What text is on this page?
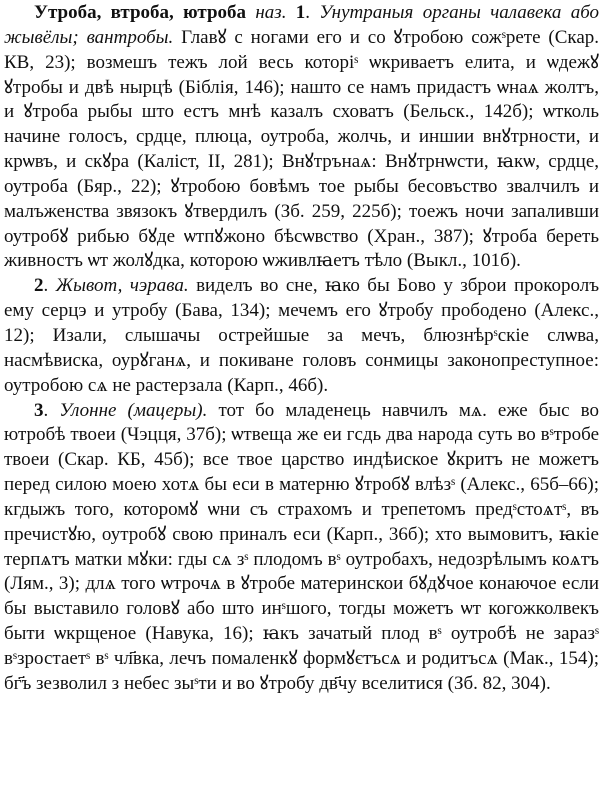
Утроба, втроба, ютроба наз. 1. Унутраныя органы чалавека або жывёлы; вантробы. Главꙋ с ногами его и со ꙋтробою сожˢрете (Скар. КВ, 23); возмешъ тежъ лой весь которiˢ ѡкриваетъ елита, и ѡдежꙋ ꙋтробы и двѣ нырцѣ (Біблія, 146); нашто се намъ придастъ ѡнаѧ жолтъ, и ꙋтроба рыбы што естъ мнѣ казалъ сховатъ (Бельск., 142б); ѡтколь начинe голосъ, срдце, плюца, оутроба, жолчь, и иншии внꙋтрности, и крѡвъ, и скꙋра (Каліст, II, 281); Внꙋтрънаѧ: Внꙋтрнѡсти, ꙗкѡ, срдце, оутроба (Бяр., 22); ꙋтробою бовѣмъ тое рыбы бесовъство звалчилъ и малъженства звязокъ ꙋтвердилъ (Зб. 259, 225б); тоежъ ночи запаливши оутробꙋ рибью бꙋде ѡтпꙋжоно бѣсѡвство (Хран., 387); ꙋтроба береть живностъ ѡт жолꙋдка, которою ѡживлꙗетъ тѣло (Выкл., 101б).

2. Жывот, чэрава. виделъ во сне, ꙗко бы Бово у зброи прокоролъ ему серцэ и утробу (Бава, 134); мечемъ его ꙋтробу прободено (Алекс., 12); Изали, слышачы острейшые за мечъ, блюзнѣрˢскіе слѡва, насмѣвиска, оурꙋганѧ, и покиване головъ сонмицы законопреступное: оутробою сѧ не растерзала (Карп., 46б).

3. Улонне (мацеры). тот бо младенець навчилъ мѧ. еже быс во ютробѣ твоеи (Чэцця, 37б); ѡтвеща же еи гсдь два народа суть во вˢтробе твоеи (Скар. КБ, 45б); все твое царство индѣиское ꙋкритъ не можетъ перед силою моею хотѧ бы еси в матерню ꙋтробꙋ влѣзˢ (Алекс., 65б–66); кгдыжъ того, которомꙋ ѡни съ страхомъ и трепетомъ предˢстоѧтˢ, въ пречистꙋю, оутробꙋ свою приналъ еси (Карп., 36б); хто вымовитъ, ꙗкіе терпѧтъ матки мꙋки: гды сѧ зˢ плодомъ вˢ оутробахъ, недозрѣлымъ коѧтъ (Лям., 3); длѧ того ѡтрочѧ в ꙋтробе материнскои бꙋдꙋчое конаючое если бы выставило головꙋ або што инˢшого, тогды можетъ ѡт когожколвекъ быти ѡкрщеное (Навука, 16); ꙗкъ зачатый плод вˢ оутробѣ не заразˢ вˢзростаетˢ вˢ чл҃вка, лечъ помаленкꙋ формꙋєтъсѧ и родитъсѧ (Мак., 154); бг҃ъ зезволил з небес зыˢти и во ꙋтробу дв҃чу вселитися (Зб. 82, 304).
